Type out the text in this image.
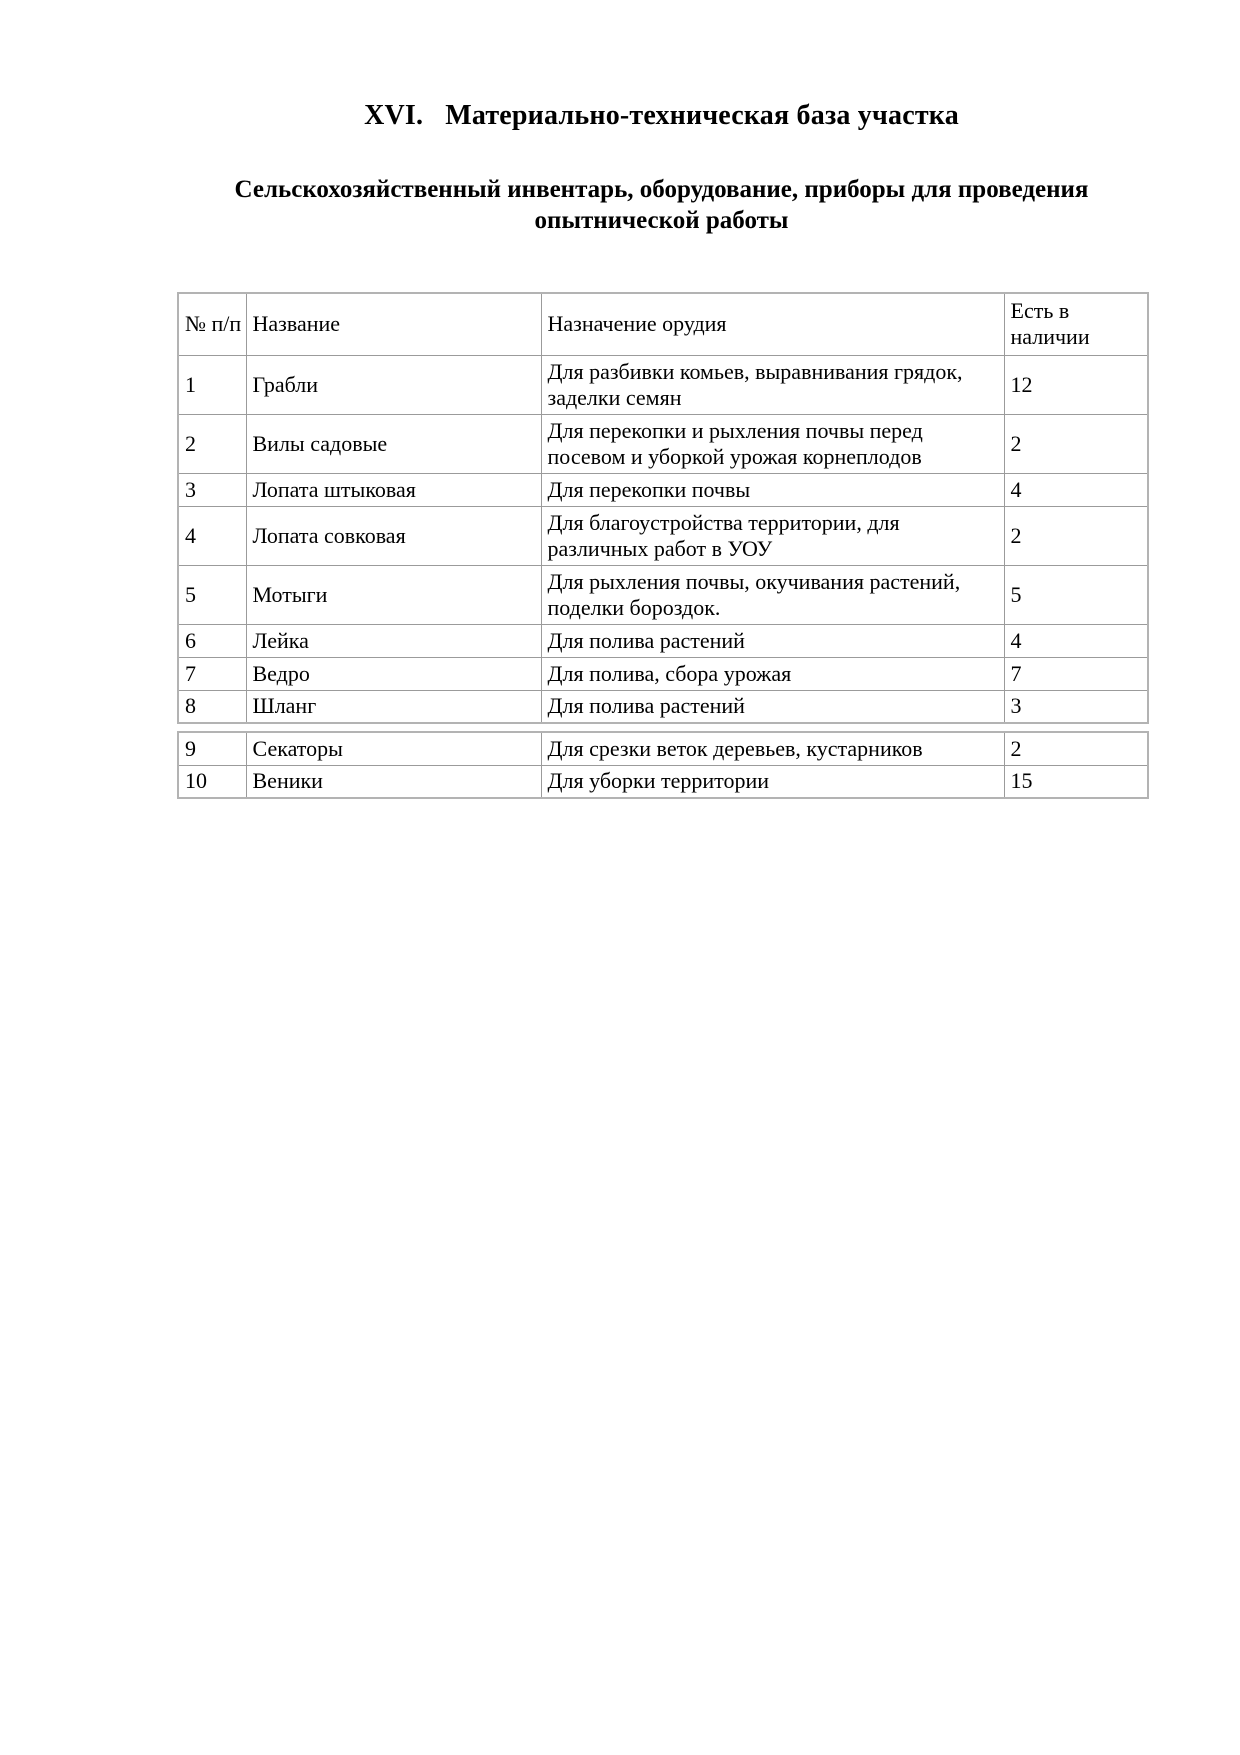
XVI. Материально-техническая база участка
Сельскохозяйственный инвентарь, оборудование, приборы для проведения опытнической работы
№ п/п	Название	Назначение орудия	Есть в наличии
1	Грабли	Для разбивки комьев, выравнивания грядок, заделки семян	12
2	Вилы садовые	Для перекопки и рыхления почвы перед посевом и уборкой урожая корнеплодов	2
3	Лопата штыковая	Для перекопки почвы	4
4	Лопата совковая	Для благоустройства территории, для различных работ в УОУ	2
5	Мотыги	Для рыхления почвы, окучивания растений, поделки бороздок.	5
6	Лейка	Для полива растений	4
7	Ведро	Для полива, сбора урожая	7
8	Шланг	Для полива растений	3
9	Секаторы	Для срезки веток деревьев, кустарников	2
10	Веники	Для уборки территории	15
